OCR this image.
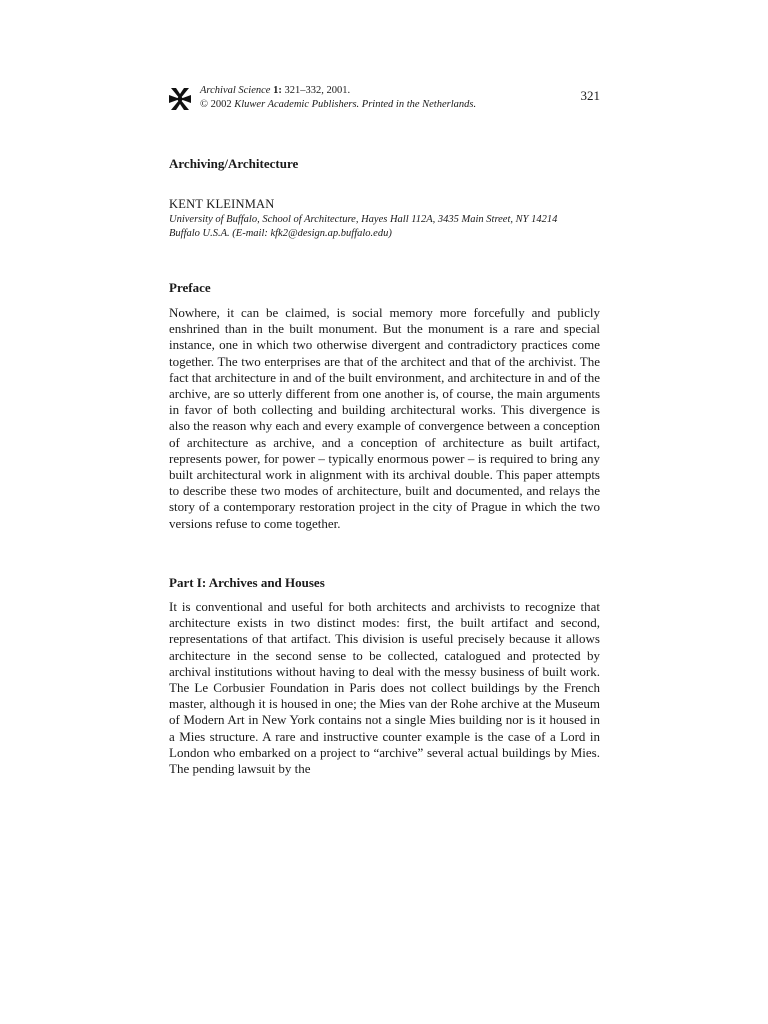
Archival Science 1: 321–332, 2001.
© 2002 Kluwer Academic Publishers. Printed in the Netherlands.
321
Archiving/Architecture

KENT KLEINMAN

University of Buffalo, School of Architecture, Hayes Hall 112A, 3435 Main Street, NY 14214
Buffalo U.S.A. (E-mail: kfk2@design.ap.buffalo.edu)

Preface

Nowhere, it can be claimed, is social memory more forcefully and publicly enshrined than in the built monument. But the monument is a rare and special instance, one in which two otherwise divergent and contradictory practices come together. The two enterprises are that of the architect and that of the archivist. The fact that architecture in and of the built environment, and architecture in and of the archive, are so utterly different from one another is, of course, the main arguments in favor of both collecting and building architectural works. This divergence is also the reason why each and every example of convergence between a conception of architecture as archive, and a conception of architecture as built artifact, represents power, for power – typically enormous power – is required to bring any built architectural work in alignment with its archival double. This paper attempts to describe these two modes of architecture, built and documented, and relays the story of a contemporary restoration project in the city of Prague in which the two versions refuse to come together.

Part I: Archives and Houses

It is conventional and useful for both architects and archivists to recognize that architecture exists in two distinct modes: first, the built artifact and second, representations of that artifact. This division is useful precisely because it allows architecture in the second sense to be collected, catalogued and protected by archival institutions without having to deal with the messy business of built work. The Le Corbusier Foundation in Paris does not collect buildings by the French master, although it is housed in one; the Mies van der Rohe archive at the Museum of Modern Art in New York contains not a single Mies building nor is it housed in a Mies structure. A rare and instructive counter example is the case of a Lord in London who embarked on a project to “archive” several actual buildings by Mies. The pending lawsuit by the
